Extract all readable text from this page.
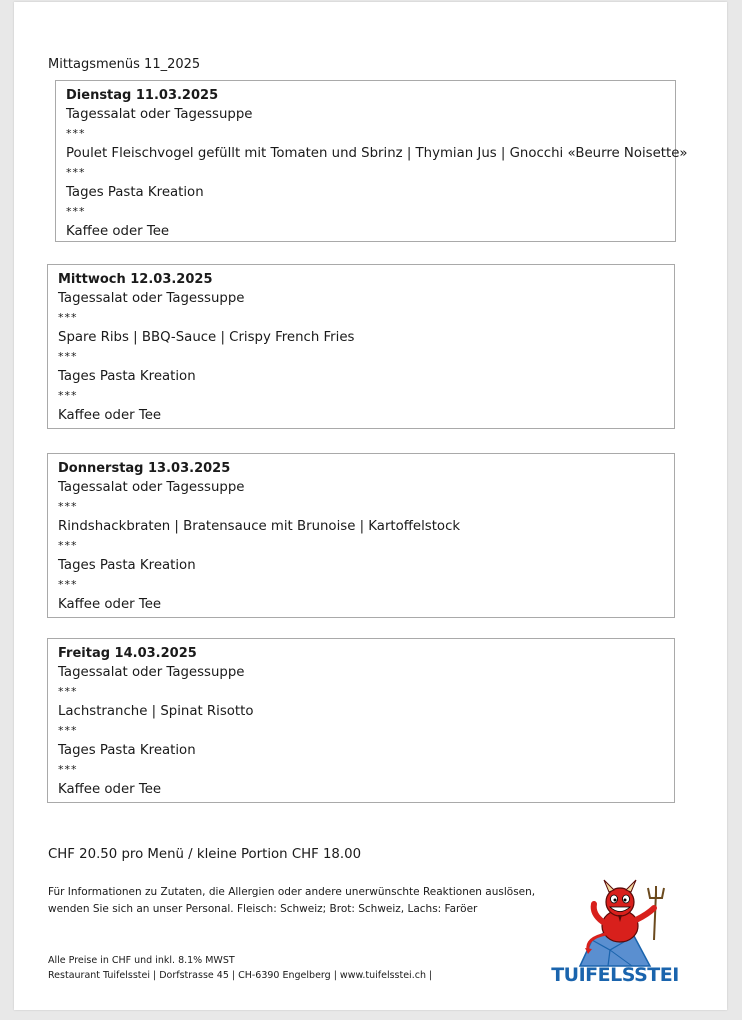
Mittagsmenüs 11_2025
Dienstag 11.03.2025
Tagessalat oder Tagessuppe
***
Poulet Fleischvogel gefüllt mit Tomaten und Sbrinz | Thymian Jus | Gnocchi «Beurre Noisette»
***
Tages Pasta Kreation
***
Kaffee oder Tee
Mittwoch 12.03.2025
Tagessalat oder Tagessuppe
***
Spare Ribs | BBQ-Sauce | Crispy French Fries
***
Tages Pasta Kreation
***
Kaffee oder Tee
Donnerstag 13.03.2025
Tagessalat oder Tagessuppe
***
Rindshackbraten | Bratensauce mit Brunoise | Kartoffelstock
***
Tages Pasta Kreation
***
Kaffee oder Tee
Freitag 14.03.2025
Tagessalat oder Tagessuppe
***
Lachstranche | Spinat Risotto
***
Tages Pasta Kreation
***
Kaffee oder Tee
CHF 20.50 pro Menü / kleine Portion CHF 18.00
Für Informationen zu Zutaten, die Allergien oder andere unerwünschte Reaktionen auslösen,
wenden Sie sich an unser Personal. Fleisch: Schweiz; Brot: Schweiz, Lachs: Faröer
Alle Preise in CHF und inkl. 8.1% MWST
Restaurant Tuifelsstei | Dorfstrasse 45 | CH-6390 Engelberg | www.tuifelsstei.ch |	TUIFELSSTEI
